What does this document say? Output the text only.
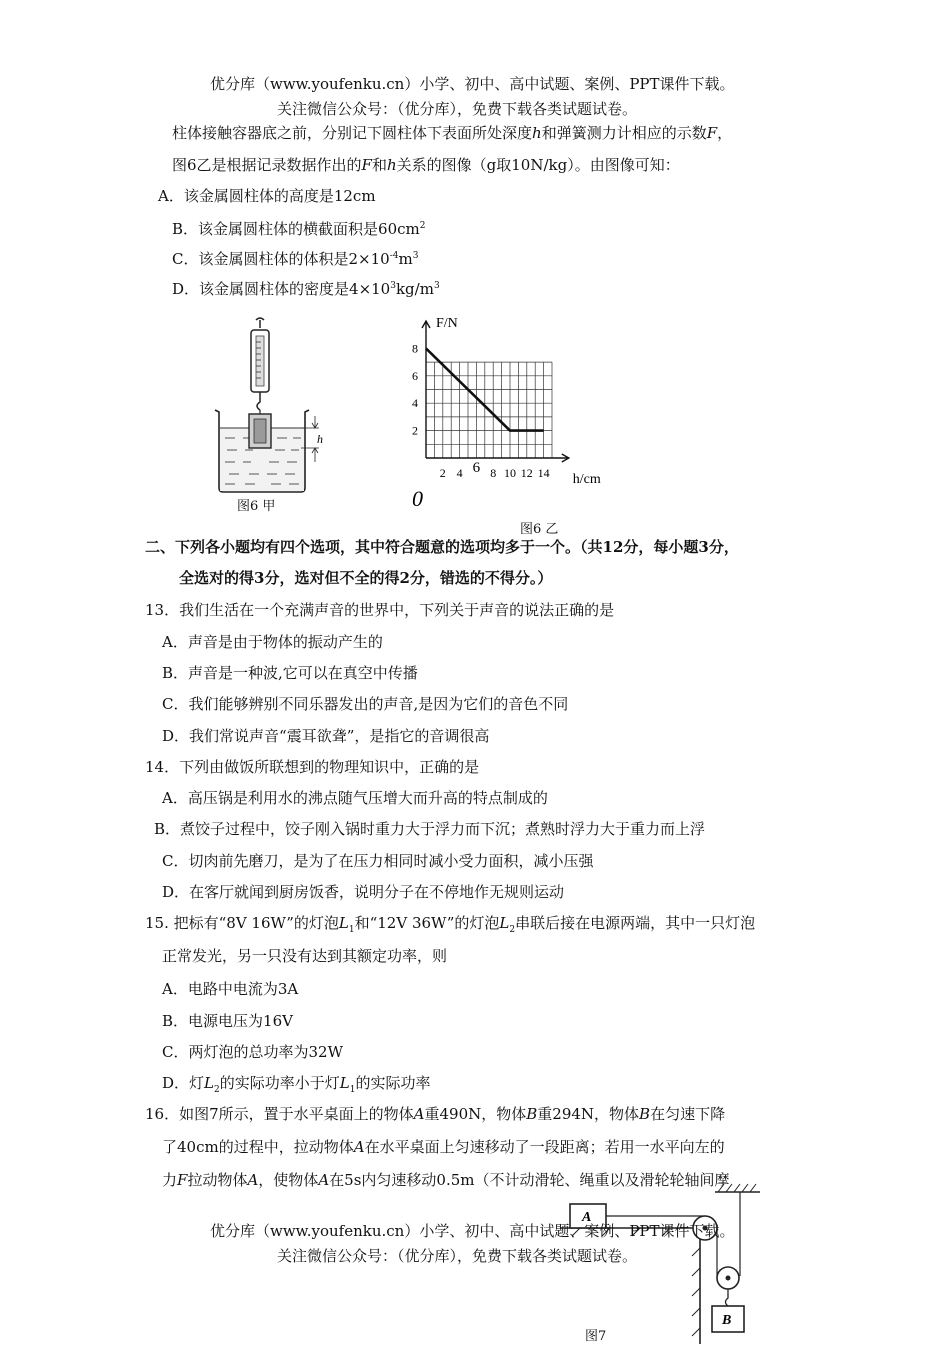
优分库（www.youfenku.cn）小学、初中、高中试题、案例、PPT课件下载。
关注微信公众号：（优分库），免费下载各类试题试卷。
柱体接触容器底之前，分别记下圆柱体下表面所处深度h和弹簧测力计相应的示数F，
图6乙是根据记录数据作出的F和h关系的图像（g取10N/kg）。由图像可知：
A．该金属圆柱体的高度是12cm
B．该金属圆柱体的横截面积是$60cm^2$
C．该金属圆柱体的体积是$2\times 10^{-4}m^3$
D．该金属圆柱体的密度是$4\times 10^3kg/m^3$
h
图6 甲
2 4 6 8 10 12 14
2
4
6
8
F/N
h/cm
0
图6 乙
二、下列各小题均有四个选项，其中符合题意的选项均多于一个。（共12分，每小题3分，
全选对的得3分，选对但不全的得2分，错选的不得分。）
13．我们生活在一个充满声音的世界中，下列关于声音的说法正确的是
A．声音是由于物体的振动产生的
B．声音是一种波,它可以在真空中传播
C．我们能够辨别不同乐器发出的声音,是因为它们的音色不同
D．我们常说声音“震耳欲聋”，是指它的音调很高
14．下列由做饭所联想到的物理知识中，正确的是
A．高压锅是利用水的沸点随气压增大而升高的特点制成的
B．煮饺子过程中，饺子刚入锅时重力大于浮力而下沉；煮熟时浮力大于重力而上浮
C．切肉前先磨刀，是为了在压力相同时减小受力面积，减小压强
D．在客厅就闻到厨房饭香，说明分子在不停地作无规则运动
15. 把标有“8V 16W”的灯泡$L_1$和“12V 36W”的灯泡$L_2$串联后接在电源两端，其中一只灯泡
正常发光，另一只没有达到其额定功率，则
A．电路中电流为3A
B．电源电压为16V
C．两灯泡的总功率为32W
D．灯$L_2$的实际功率小于灯$L_1$的实际功率
16．如图7所示，置于水平桌面上的物体A重490N，物体B重294N，物体B在匀速下降
了40cm的过程中，拉动物体A在水平桌面上匀速移动了一段距离；若用一水平向左的
力F拉动物体A，使物体A在5s内匀速移动0.5m（不计动滑轮、绳重以及滑轮轮轴间摩
A
B
优分库（www.youfenku.cn）小学、初中、高中试题、案例、PPT课件下载。
关注微信公众号：（优分库），免费下载各类试题试卷。
图7
